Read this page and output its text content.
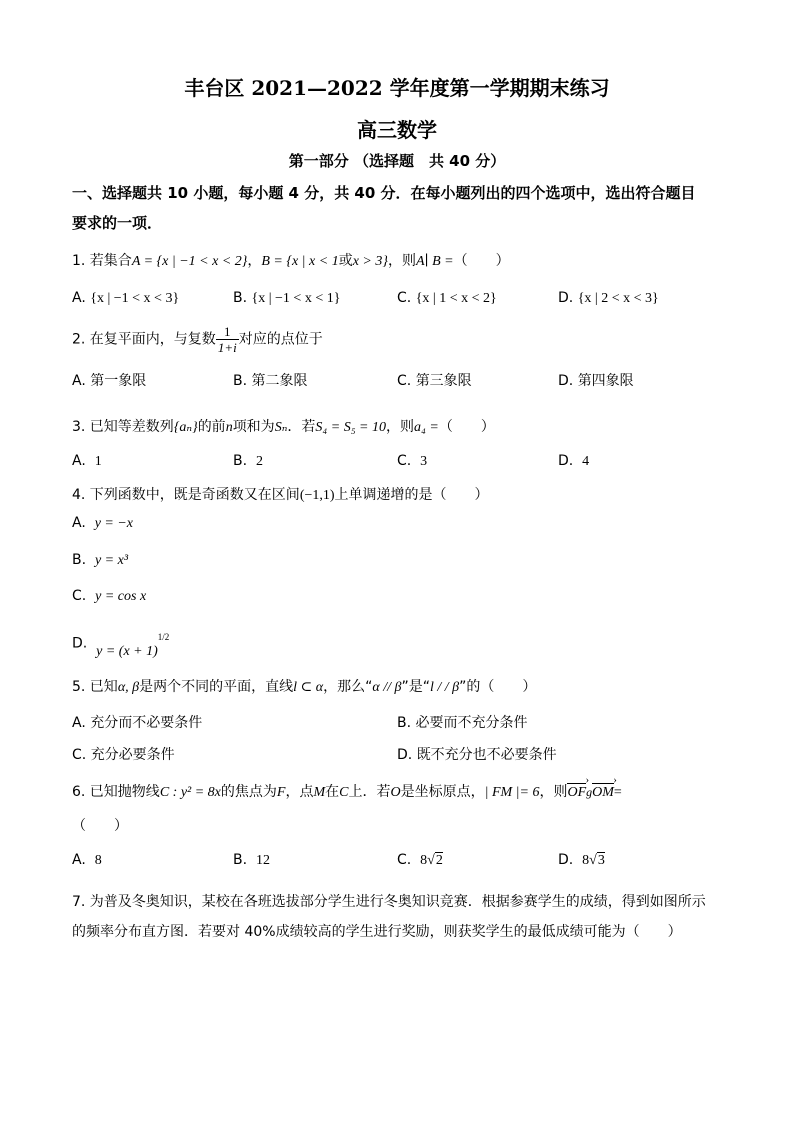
丰台区 2021—2022 学年度第一学期期末练习
高三数学
第一部分 （选择题　共 40 分）
一、选择题共 10 小题，每小题 4 分，共 40 分．在每小题列出的四个选项中，选出符合题目
要求的一项．
1. 若集合A = {x | −1 < x < 2}，B = {x | x < 1或x > 3}，则A∣ B =（　　）
A. {x | −1 < x < 3}	B. {x | −1 < x < 1}	C. {x | 1 < x < 2}	D. {x | 2 < x < 3}
2. 在复平面内，与复数 $\frac{1}{1+i}$ 对应的点位于
A. 第一象限	B. 第二象限	C. 第三象限	D. 第四象限
3. 已知等差数列{aₙ}的前n项和为Sₙ．若S₄ = S₅ = 10，则a₄ =（　　）
A. 1	B. 2	C. 3	D. 4
4. 下列函数中，既是奇函数又在区间(−1,1)上单调递增的是（　　）
A. y = −x
B. y = x³
C. y = cos x
D. $y = (x + 1)^{1/2}$
5. 已知α, β是两个不同的平面，直线l ⊂ α，那么“α // β”是“l / / β”的（　　）
A. 充分而不必要条件	B. 必要而不充分条件
C. 充分必要条件	D. 既不充分也不必要条件
6. 已知抛物线C : y² = 8x的焦点为F，点M在C上．若O是坐标原点，| FM |= 6，则OF ›gOM ›=
（　　）
A. 8	B. 12	C. 8√2	D. 8√3
7. 为普及冬奥知识，某校在各班选拔部分学生进行冬奥知识竞赛．根据参赛学生的成绩，得到如图所示
的频率分布直方图．若要对 40%成绩较高的学生进行奖励，则获奖学生的最低成绩可能为（　　）
